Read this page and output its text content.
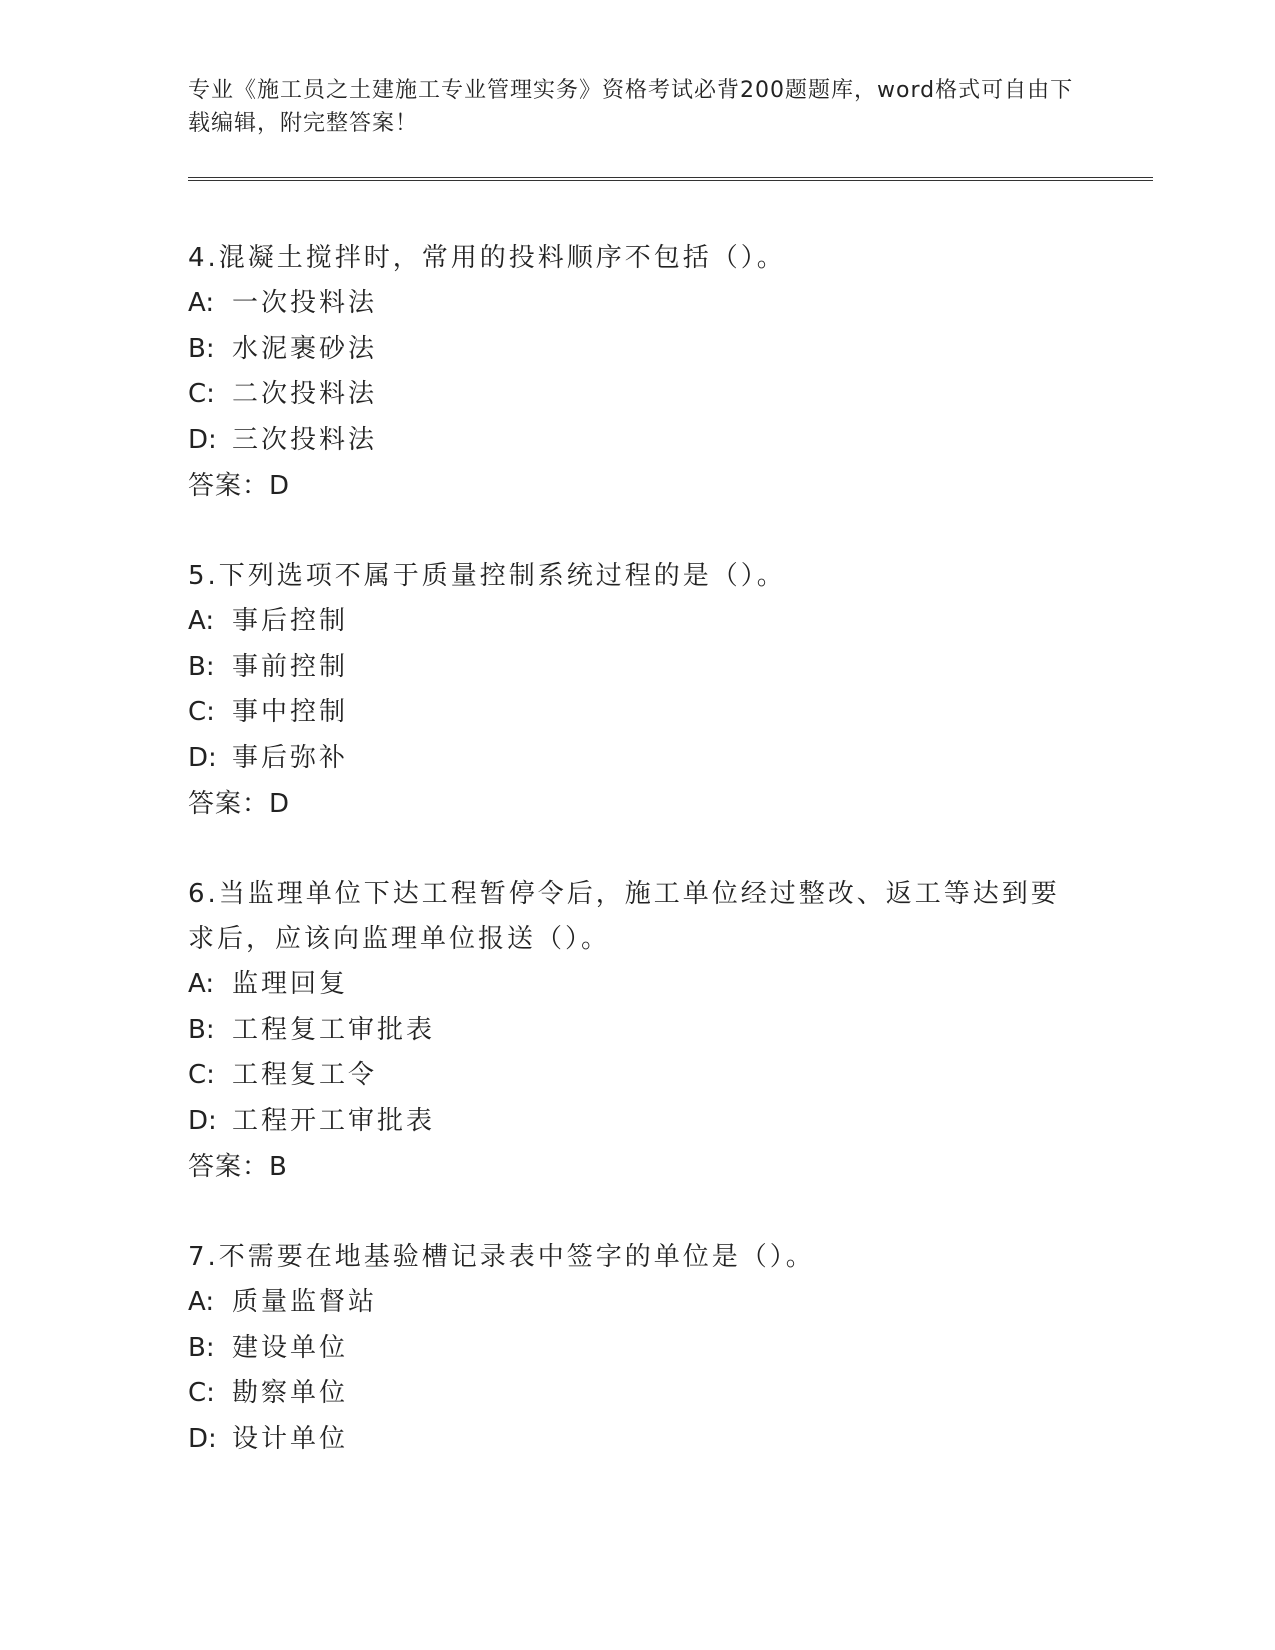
专业《施工员之土建施工专业管理实务》资格考试必背200题题库，word格式可自由下载编辑，附完整答案！

4.混凝土搅拌时，常用的投料顺序不包括（）。

A: 一次投料法

B: 水泥裹砂法

C: 二次投料法

D: 三次投料法

答案：D

5.下列选项不属于质量控制系统过程的是（）。

A: 事后控制

B: 事前控制

C: 事中控制

D: 事后弥补

答案：D

6.当监理单位下达工程暂停令后，施工单位经过整改、返工等达到要求后，应该向监理单位报送（）。

A: 监理回复

B: 工程复工审批表

C: 工程复工令

D: 工程开工审批表

答案：B

7.不需要在地基验槽记录表中签字的单位是（）。

A: 质量监督站

B: 建设单位

C: 勘察单位

D: 设计单位
